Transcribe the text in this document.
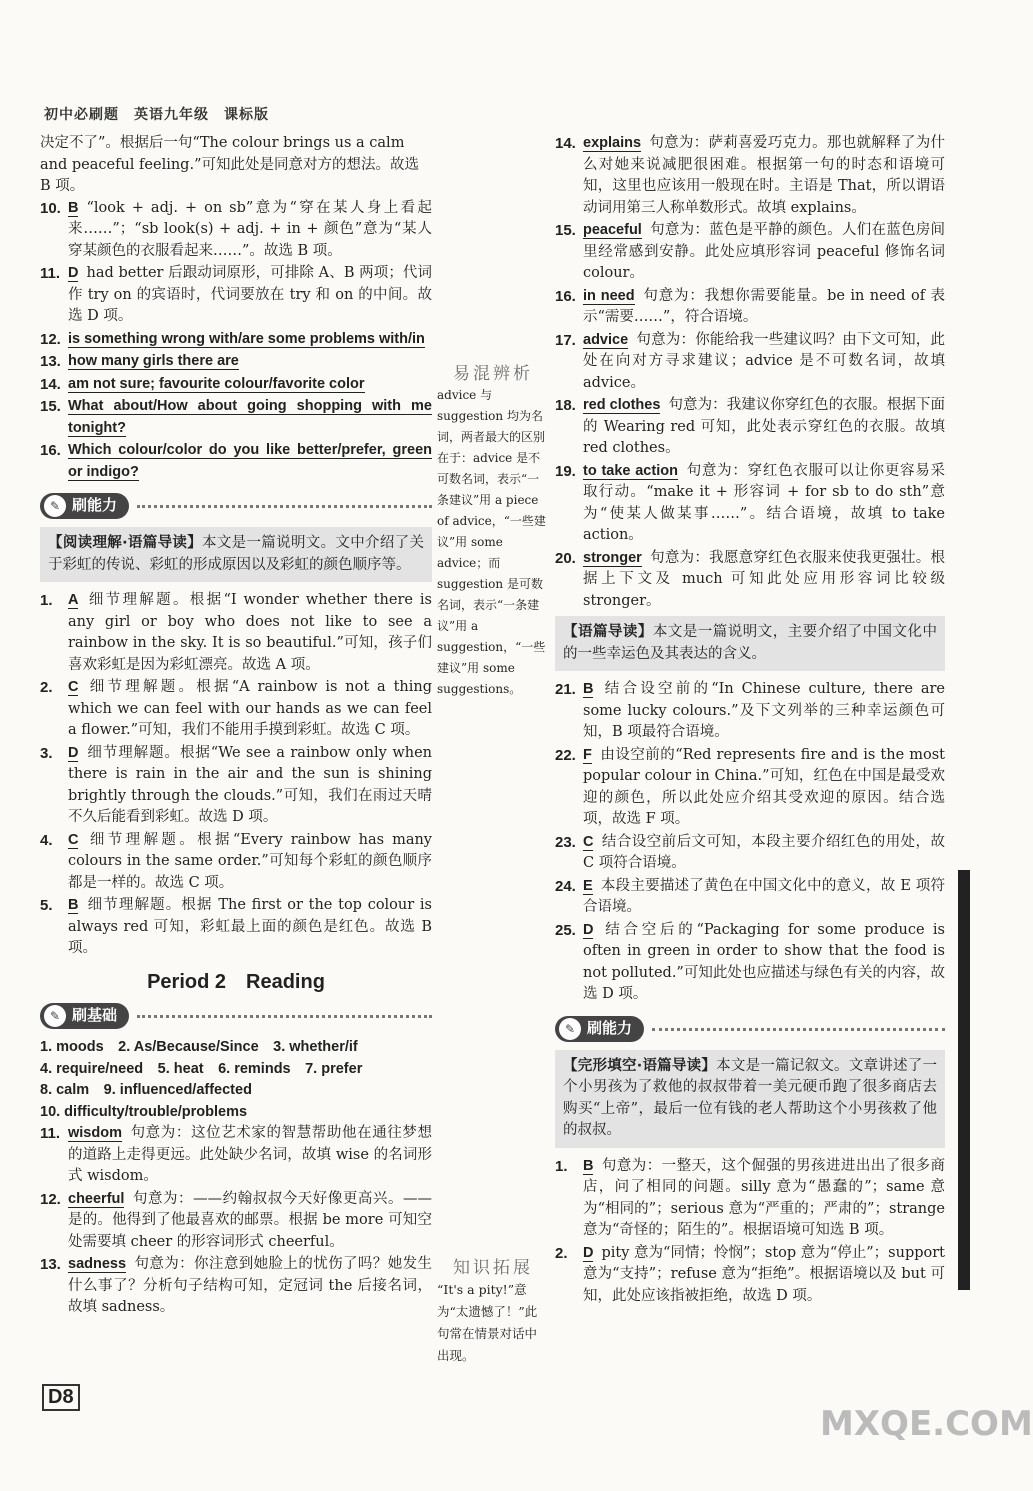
初中必刷题　英语九年级　课标版
决定不了”。根据后一句“The colour brings us a calm and peaceful feeling.”可知此处是同意对方的想法。故选 B 项。
10. B “look + adj. + on sb”意为“穿在某人身上看起来……”；“sb look(s) + adj. + in + 颜色”意为“某人穿某颜色的衣服看起来……”。故选 B 项。
11. D had better 后跟动词原形，可排除 A、B 两项；代词作 try on 的宾语时，代词要放在 try 和 on 的中间。故选 D 项。
12. is something wrong with/are some problems with/in
13. how many girls there are
14. am not sure; favourite colour/favorite color
15. What about/How about going shopping with me tonight?
16. Which colour/color do you like better/prefer, green or indigo?
✎ 刷能力
【阅读理解·语篇导读】本文是一篇说明文。文中介绍了关于彩虹的传说、彩虹的形成原因以及彩虹的颜色顺序等。
1.	A 细节理解题。根据“I wonder whether there is any girl or boy who does not like to see a rainbow in the sky. It is so beautiful.”可知，孩子们喜欢彩虹是因为彩虹漂亮。故选 A 项。
2.	C 细节理解题。根据“A rainbow is not a thing which we can feel with our hands as we can feel a flower.”可知，我们不能用手摸到彩虹。故选 C 项。
3.	D 细节理解题。根据“We see a rainbow only when there is rain in the air and the sun is shining brightly through the clouds.”可知，我们在雨过天晴不久后能看到彩虹。故选 D 项。
4.	C 细节理解题。根据“Every rainbow has many colours in the same order.”可知每个彩虹的颜色顺序都是一样的。故选 C 项。
5.	B 细节理解题。根据 The first or the top colour is always red 可知，彩虹最上面的颜色是红色。故选 B 项。
Period 2　Reading
✎ 刷基础
1. moods　2. As/Because/Since　3. whether/if
4. require/need　5. heat　6. reminds　7. prefer
8. calm　9. influenced/affected
10. difficulty/trouble/problems
11. wisdom 句意为：这位艺术家的智慧帮助他在通往梦想的道路上走得更远。此处缺少名词，故填 wise 的名词形式 wisdom。
12. cheerful 句意为：——约翰叔叔今天好像更高兴。——是的。他得到了他最喜欢的邮票。根据 be more 可知空处需要填 cheer 的形容词形式 cheerful。
13. sadness 句意为：你注意到她脸上的忧伤了吗？她发生什么事了？分析句子结构可知，定冠词 the 后接名词，故填 sadness。
易混辨析
advice 与 suggestion 均为名词，两者最大的区别在于：advice 是不可数名词，表示“一条建议”用 a piece of advice，“一些建议”用 some advice；而 suggestion 是可数名词，表示“一条建议”用 a suggestion，“一些建议”用 some suggestions。
知识拓展
“It's a pity!”意为“太遗憾了！”此句常在情景对话中出现。
14. explains 句意为：萨莉喜爱巧克力。那也就解释了为什么对她来说减肥很困难。根据第一句的时态和语境可知，这里也应该用一般现在时。主语是 That，所以谓语动词用第三人称单数形式。故填 explains。
15. peaceful 句意为：蓝色是平静的颜色。人们在蓝色房间里经常感到安静。此处应填形容词 peaceful 修饰名词 colour。
16. in need 句意为：我想你需要能量。be in need of 表示“需要……”，符合语境。
17. advice 句意为：你能给我一些建议吗？由下文可知，此处在向对方寻求建议；advice 是不可数名词，故填 advice。
18. red clothes 句意为：我建议你穿红色的衣服。根据下面的 Wearing red 可知，此处表示穿红色的衣服。故填 red clothes。
19. to take action 句意为：穿红色衣服可以让你更容易采取行动。“make it + 形容词 + for sb to do sth”意为“使某人做某事……”。结合语境，故填 to take action。
20. stronger 句意为：我愿意穿红色衣服来使我更强壮。根据上下文及 much 可知此处应用形容词比较级 stronger。
【语篇导读】本文是一篇说明文，主要介绍了中国文化中的一些幸运色及其表达的含义。
21. B 结合设空前的“In Chinese culture, there are some lucky colours.”及下文列举的三种幸运颜色可知，B 项最符合语境。
22. F 由设空前的“Red represents fire and is the most popular colour in China.”可知，红色在中国是最受欢迎的颜色，所以此处应介绍其受欢迎的原因。结合选项，故选 F 项。
23. C 结合设空前后文可知，本段主要介绍红色的用处，故 C 项符合语境。
24. E 本段主要描述了黄色在中国文化中的意义，故 E 项符合语境。
25. D 结合空后的“Packaging for some produce is often in green in order to show that the food is not polluted.”可知此处也应描述与绿色有关的内容，故选 D 项。
✎ 刷能力
【完形填空·语篇导读】本文是一篇记叙文。文章讲述了一个小男孩为了救他的叔叔带着一美元硬币跑了很多商店去购买“上帝”，最后一位有钱的老人帮助这个小男孩救了他的叔叔。
1.	B 句意为：一整天，这个倔强的男孩进进出出了很多商店，问了相同的问题。silly 意为“愚蠢的”；same 意为“相同的”；serious 意为“严重的；严肃的”；strange 意为“奇怪的；陌生的”。根据语境可知选 B 项。
2.	D pity 意为“同情；怜悯”；stop 意为“停止”；support 意为“支持”；refuse 意为“拒绝”。根据语境以及 but 可知，此处应该指被拒绝，故选 D 项。
D8
MXQE.COM
